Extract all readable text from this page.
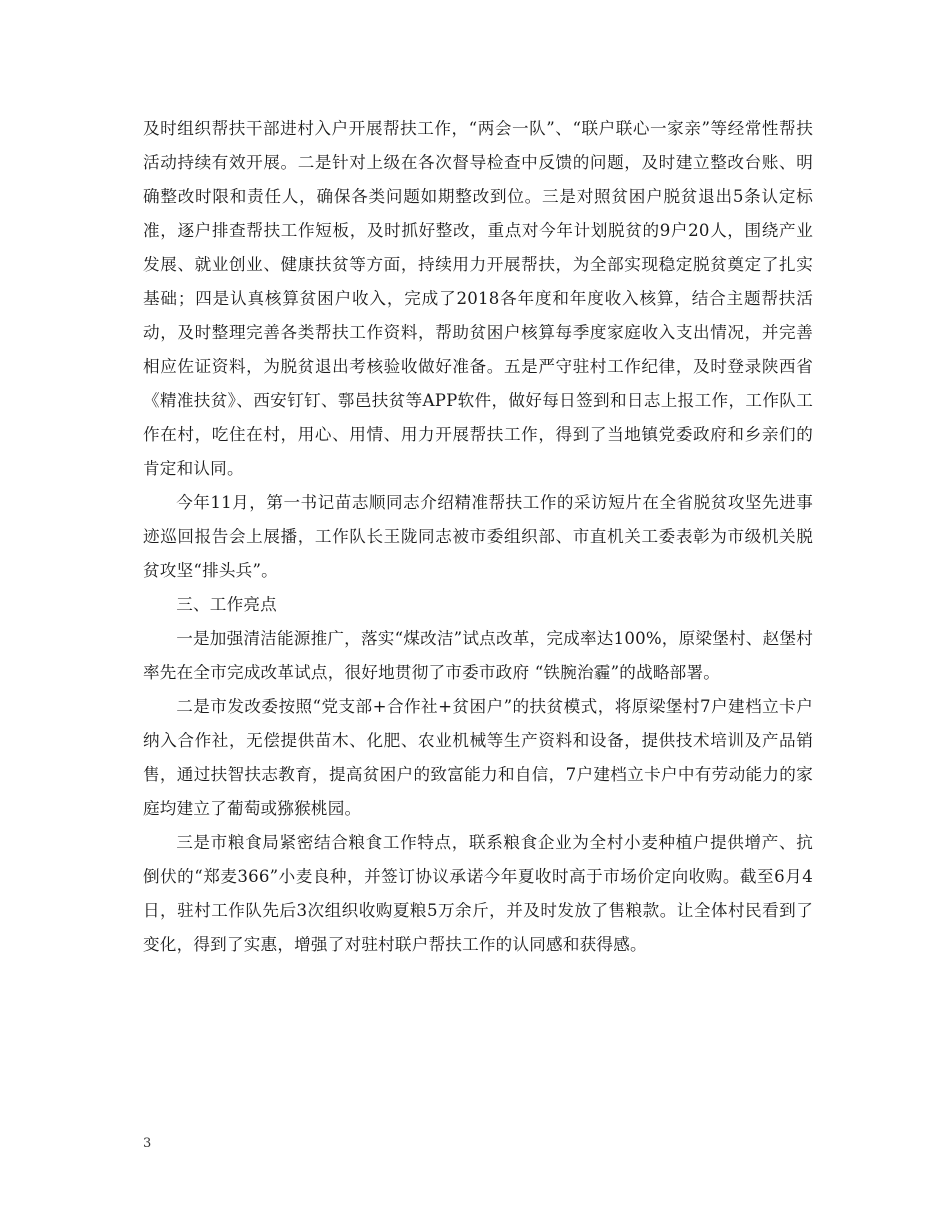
及时组织帮扶干部进村入户开展帮扶工作，“两会一队”、“联户联心一家亲”等经常性帮扶活动持续有效开展。二是针对上级在各次督导检查中反馈的问题，及时建立整改台账、明确整改时限和责任人，确保各类问题如期整改到位。三是对照贫困户脱贫退出5条认定标准，逐户排查帮扶工作短板，及时抓好整改，重点对今年计划脱贫的9户20人，围绕产业发展、就业创业、健康扶贫等方面，持续用力开展帮扶，为全部实现稳定脱贫奠定了扎实基础；四是认真核算贫困户收入，完成了2018各年度和年度收入核算，结合主题帮扶活动，及时整理完善各类帮扶工作资料，帮助贫困户核算每季度家庭收入支出情况，并完善相应佐证资料，为脱贫退出考核验收做好准备。五是严守驻村工作纪律，及时登录陕西省《精准扶贫》、西安钉钉、鄠邑扶贫等APP软件，做好每日签到和日志上报工作，工作队工作在村，吃住在村，用心、用情、用力开展帮扶工作，得到了当地镇党委政府和乡亲们的肯定和认同。

今年11月，第一书记苗志顺同志介绍精准帮扶工作的采访短片在全省脱贫攻坚先进事迹巡回报告会上展播，工作队长王陇同志被市委组织部、市直机关工委表彰为市级机关脱贫攻坚“排头兵”。

三、工作亮点

一是加强清洁能源推广，落实“煤改洁”试点改革，完成率达100%，原梁堡村、赵堡村率先在全市完成改革试点，很好地贯彻了市委市政府 “铁腕治霾”的战略部署。

二是市发改委按照“党支部+合作社+贫困户”的扶贫模式，将原梁堡村7户建档立卡户纳入合作社，无偿提供苗木、化肥、农业机械等生产资料和设备，提供技术培训及产品销售，通过扶智扶志教育，提高贫困户的致富能力和自信，7户建档立卡户中有劳动能力的家庭均建立了葡萄或猕猴桃园。

三是市粮食局紧密结合粮食工作特点，联系粮食企业为全村小麦种植户提供增产、抗倒伏的“郑麦366”小麦良种，并签订协议承诺今年夏收时高于市场价定向收购。截至6月4日，驻村工作队先后3次组织收购夏粮5万余斤，并及时发放了售粮款。让全体村民看到了变化，得到了实惠，增强了对驻村联户帮扶工作的认同感和获得感。

3
